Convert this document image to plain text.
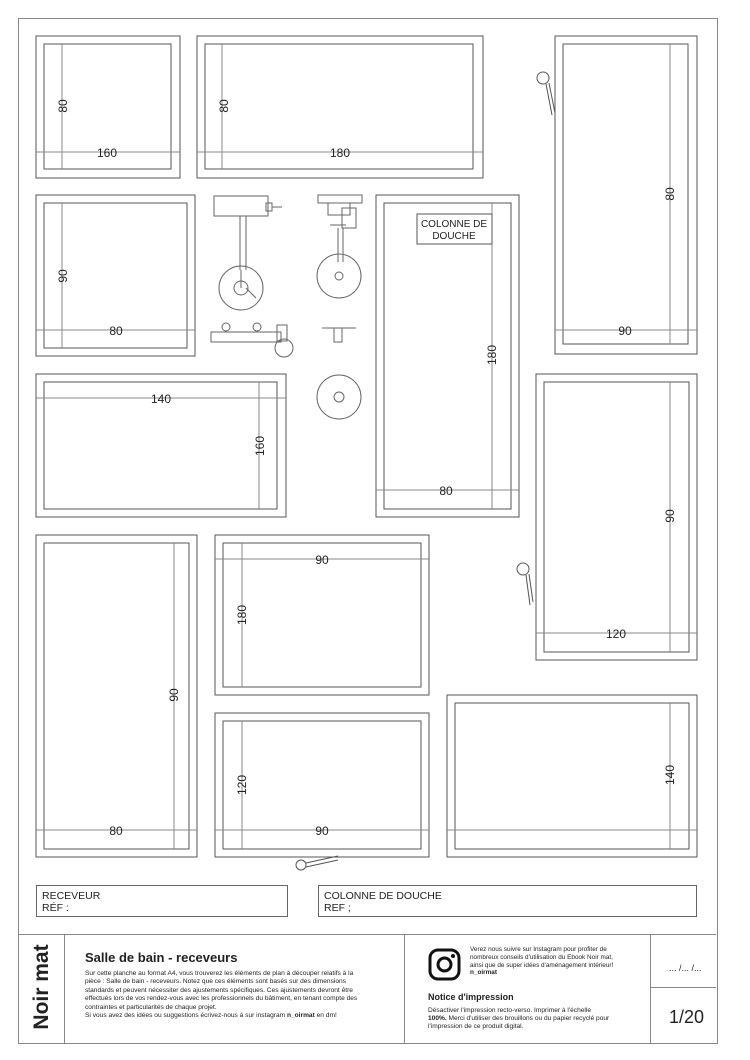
80
160
80
180
80
90
90
80
180
140
80
160
90
120
90
180
90
80
120
90
140
COLONNE DE
DOUCHE
RECEVEUR
RÉF :
COLONNE DE DOUCHE
REF ;
Noir mat Salle de bain - receveurs
Sur cette planche au format A4, vous trouverez les éléments de plan à découper relatifs à la pièce : Salle de bain - receveurs. Notez que ces éléments sont basés sur des dimensions standards et peuvent nécessiter des ajustements spécifiques. Ces ajustements devront être effectués lors de vos rendez-vous avec les professionnels du bâtiment, en tenant compte des contraintes et particularités de chaque projet.
Si vous avez des idées ou suggestions écrivez-nous à sur instagram n_oirmat en dm!
Verez nous suivre sur Instagram pour profiter de nombreux conseils d'utilisation du Ebook Noir mat, ainsi que de super idées d'aménagement intérieur! n_oirmat
Notice d'impression
Désactiver l'impression recto-verso. Imprimer à l'échelle 100%. Merci d'utiliser des brouillons ou du papier recyclé pour l'impression de ce produit digital.
... /... /...
1/20
